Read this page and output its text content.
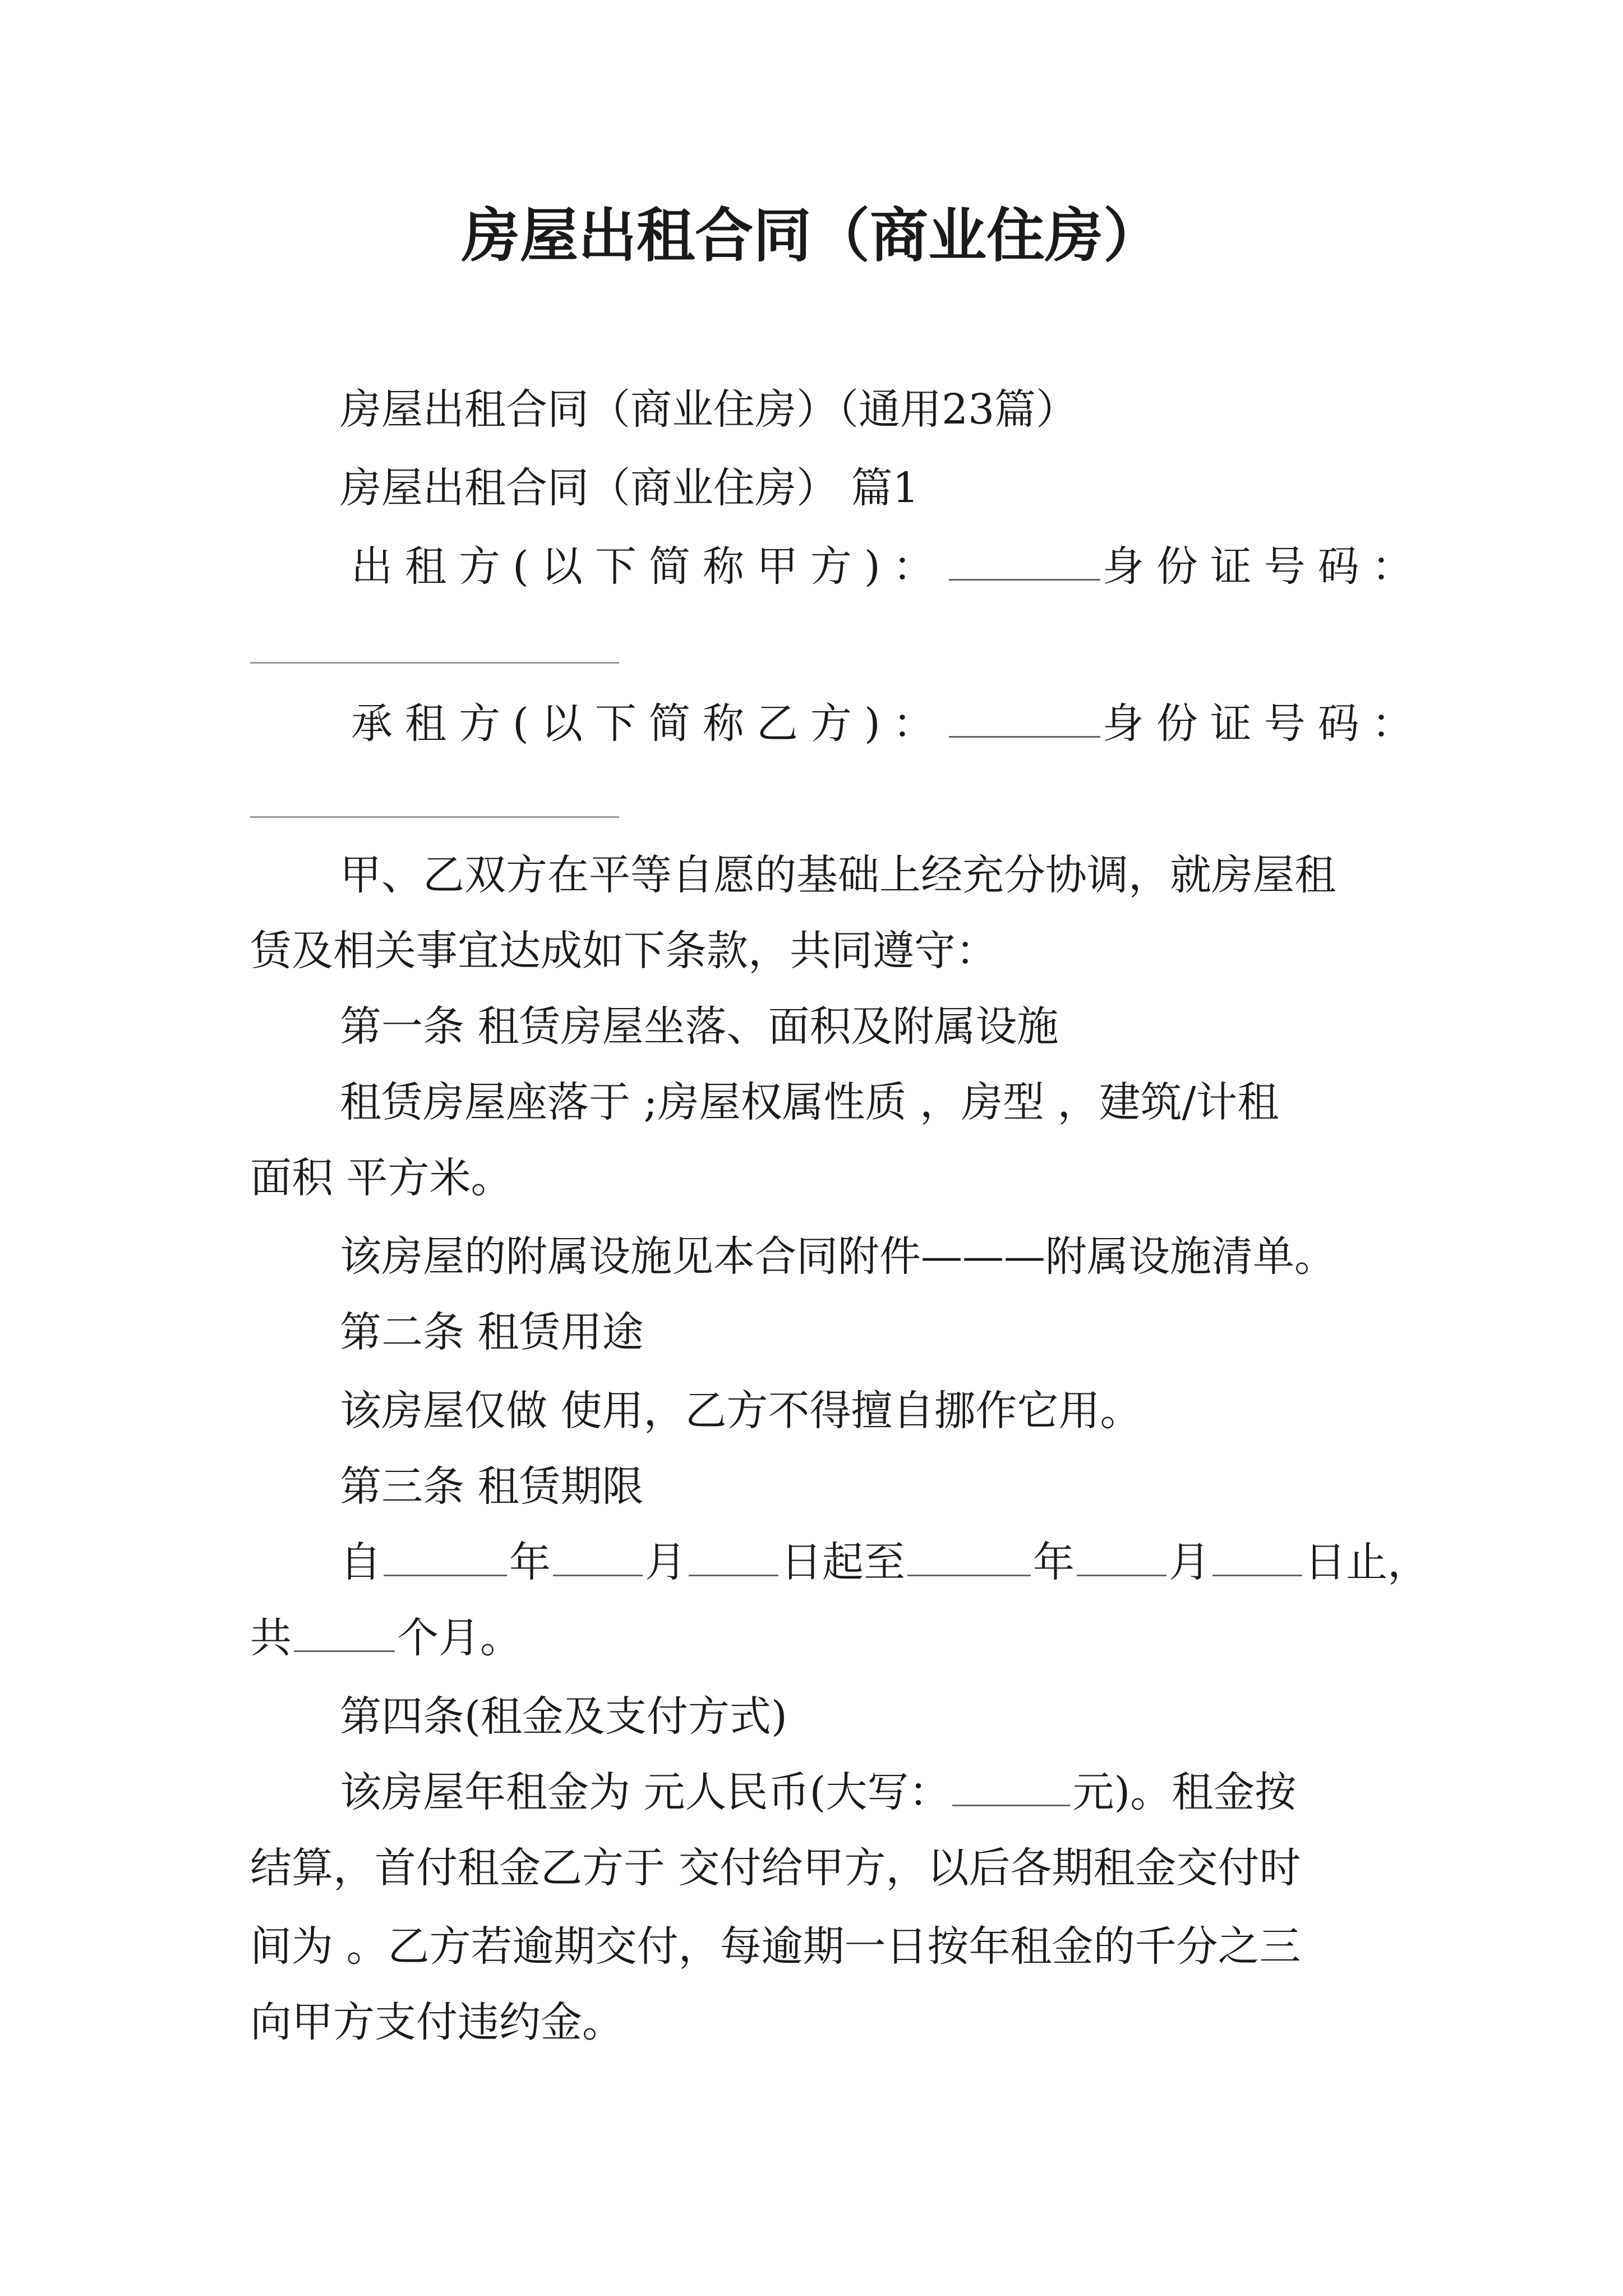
房屋出租合同（商业住房）
房屋出租合同（商业住房）（通用23篇）
房屋出租合同（商业住房） 篇1
出租方(以下简称甲方)：	身份证号码：
承租方(以下简称乙方)：	身份证号码：
甲、乙双方在平等自愿的基础上经充分协调，就房屋租
赁及相关事宜达成如下条款，共同遵守：
第一条 租赁房屋坐落、面积及附属设施
租赁房屋座落于 ;房屋权属性质 ，房型 ，建筑/计租
面积 平方米。
该房屋的附属设施见本合同附件———附属设施清单。
第二条 租赁用途
该房屋仅做 使用，乙方不得擅自挪作它用。
第三条 租赁期限
自	年 月 日起至	年 月 日止，
共	个月。
第四条(租金及支付方式)
该房屋年租金为 元人民币(大写：	元)。租金按
结算，首付租金乙方于 交付给甲方，以后各期租金交付时
间为 。乙方若逾期交付，每逾期一日按年租金的千分之三
向甲方支付违约金。
